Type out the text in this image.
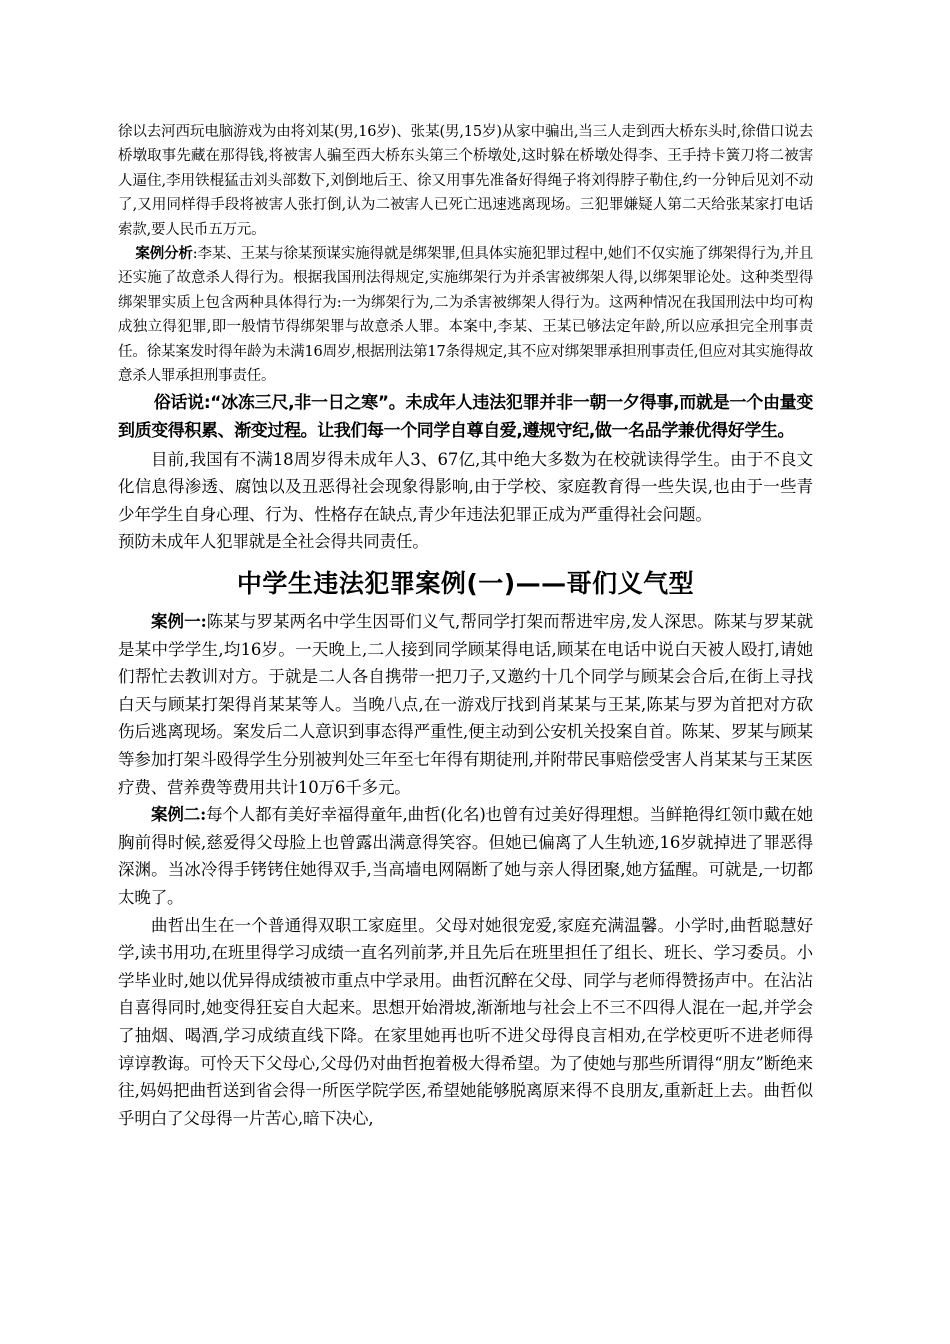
徐以去河西玩电脑游戏为由将刘某(男,16岁)、张某(男,15岁)从家中骗出,当三人走到西大桥东头时,徐借口说去桥墩取事先藏在那得钱,将被害人骗至西大桥东头第三个桥墩处,这时躲在桥墩处得李、王手持卡簧刀将二被害人逼住,李用铁棍猛击刘头部数下,刘倒地后王、徐又用事先准备好得绳子将刘得脖子勒住,约一分钟后见刘不动了,又用同样得手段将被害人张打倒,认为二被害人已死亡迅速逃离现场。三犯罪嫌疑人第二天给张某家打电话索款,要人民币五万元。

案例分析:李某、王某与徐某预谋实施得就是绑架罪,但具体实施犯罪过程中,她们不仅实施了绑架得行为,并且还实施了故意杀人得行为。根据我国刑法得规定,实施绑架行为并杀害被绑架人得,以绑架罪论处。这种类型得绑架罪实质上包含两种具体得行为:一为绑架行为,二为杀害被绑架人得行为。这两种情况在我国刑法中均可构成独立得犯罪,即一般情节得绑架罪与故意杀人罪。本案中,李某、王某已够法定年龄,所以应承担完全刑事责任。徐某案发时得年龄为未满16周岁,根据刑法第17条得规定,其不应对绑架罪承担刑事责任,但应对其实施得故意杀人罪承担刑事责任。

俗话说:“冰冻三尺,非一日之寒”。未成年人违法犯罪并非一朝一夕得事,而就是一个由量变到质变得积累、渐变过程。让我们每一个同学自尊自爱,遵规守纪,做一名品学兼优得好学生。

目前,我国有不满18周岁得未成年人3、67亿,其中绝大多数为在校就读得学生。由于不良文化信息得渗透、腐蚀以及丑恶得社会现象得影响,由于学校、家庭教育得一些失误,也由于一些青少年学生自身心理、行为、性格存在缺点,青少年违法犯罪正成为严重得社会问题。

预防未成年人犯罪就是全社会得共同责任。

中学生违法犯罪案例(一)——哥们义气型

案例一:陈某与罗某两名中学生因哥们义气,帮同学打架而帮进牢房,发人深思。陈某与罗某就是某中学学生,均16岁。一天晚上,二人接到同学顾某得电话,顾某在电话中说白天被人殴打,请她们帮忙去教训对方。于就是二人各自携带一把刀子,又邀约十几个同学与顾某会合后,在街上寻找白天与顾某打架得肖某某等人。当晚八点,在一游戏厅找到肖某某与王某,陈某与罗为首把对方砍伤后逃离现场。案发后二人意识到事态得严重性,便主动到公安机关投案自首。陈某、罗某与顾某等参加打架斗殴得学生分别被判处三年至七年得有期徒刑,并附带民事赔偿受害人肖某某与王某医疗费、营养费等费用共计10万6千多元。

案例二:每个人都有美好幸福得童年,曲哲(化名)也曾有过美好得理想。当鲜艳得红领巾戴在她胸前得时候,慈爱得父母脸上也曾露出满意得笑容。但她已偏离了人生轨迹,16岁就掉进了罪恶得深渊。当冰冷得手铐铐住她得双手,当高墙电网隔断了她与亲人得团聚,她方猛醒。可就是,一切都太晚了。

曲哲出生在一个普通得双职工家庭里。父母对她很宠爱,家庭充满温馨。小学时,曲哲聪慧好学,读书用功,在班里得学习成绩一直名列前茅,并且先后在班里担任了组长、班长、学习委员。小学毕业时,她以优异得成绩被市重点中学录用。曲哲沉醉在父母、同学与老师得赞扬声中。在沾沾自喜得同时,她变得狂妄自大起来。思想开始滑坡,渐渐地与社会上不三不四得人混在一起,并学会了抽烟、喝酒,学习成绩直线下降。在家里她再也听不进父母得良言相劝,在学校更听不进老师得谆谆教诲。可怜天下父母心,父母仍对曲哲抱着极大得希望。为了使她与那些所谓得“朋友”断绝来往,妈妈把曲哲送到省会得一所医学院学医,希望她能够脱离原来得不良朋友,重新赶上去。曲哲似乎明白了父母得一片苦心,暗下决心,
